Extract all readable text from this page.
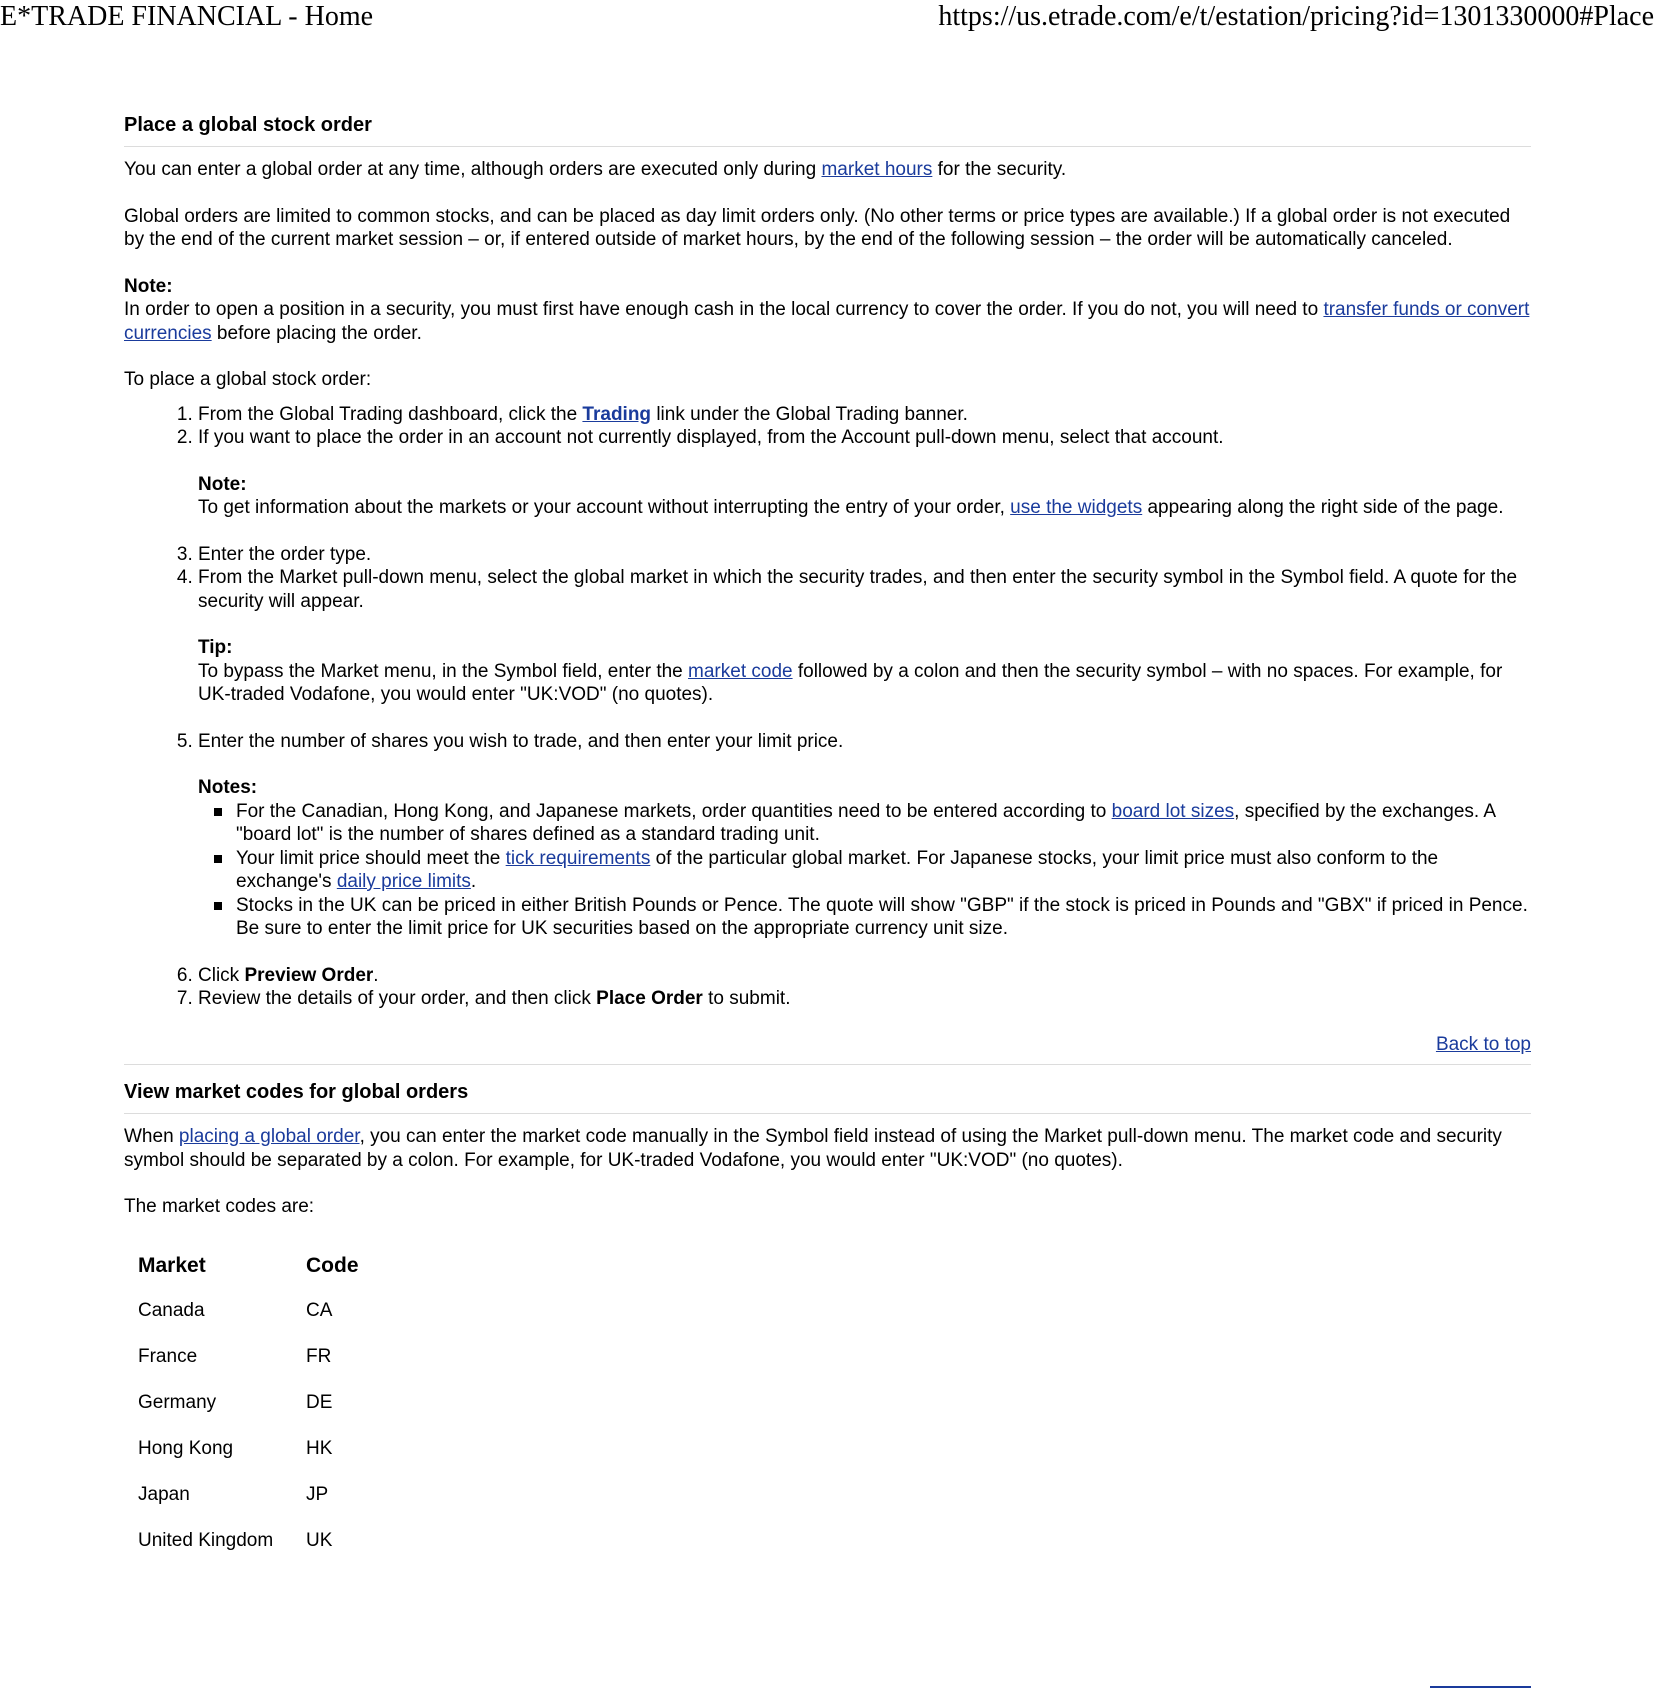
E*TRADE FINANCIAL - Home	https://us.etrade.com/e/t/estation/pricing?id=1301330000#Place
Place a global stock order

You can enter a global order at any time, although orders are executed only during market hours for the security.

Global orders are limited to common stocks, and can be placed as day limit orders only. (No other terms or price types are available.) If a global order is not executed by the end of the current market session – or, if entered outside of market hours, by the end of the following session – the order will be automatically canceled.

Note:

In order to open a position in a security, you must first have enough cash in the local currency to cover the order. If you do not, you will need to transfer funds or convert currencies before placing the order.

To place a global stock order:

1. From the Global Trading dashboard, click the Trading link under the Global Trading banner.
2. If you want to place the order in an account not currently displayed, from the Account pull-down menu, select that account.
Note:
To get information about the markets or your account without interrupting the entry of your order, use the widgets appearing along the right side of the page.
3. Enter the order type.
4. From the Market pull-down menu, select the global market in which the security trades, and then enter the security symbol in the Symbol field. A quote for the security will appear.
Tip:
To bypass the Market menu, in the Symbol field, enter the market code followed by a colon and then the security symbol – with no spaces. For example, for UK-traded Vodafone, you would enter "UK:VOD" (no quotes).
5. Enter the number of shares you wish to trade, and then enter your limit price.
Notes:
For the Canadian, Hong Kong, and Japanese markets, order quantities need to be entered according to board lot sizes, specified by the exchanges. A "board lot" is the number of shares defined as a standard trading unit.
Your limit price should meet the tick requirements of the particular global market. For Japanese stocks, your limit price must also conform to the exchange's daily price limits.
Stocks in the UK can be priced in either British Pounds or Pence. The quote will show "GBP" if the stock is priced in Pounds and "GBX" if priced in Pence. Be sure to enter the limit price for UK securities based on the appropriate currency unit size.
6. Click Preview Order.
7. Review the details of your order, and then click Place Order to submit.
Back to top
View market codes for global orders

When placing a global order, you can enter the market code manually in the Symbol field instead of using the Market pull-down menu. The market code and security symbol should be separated by a colon. For example, for UK-traded Vodafone, you would enter "UK:VOD" (no quotes).

The market codes are:

Market	Code
Canada	CA
France	FR
Germany	DE
Hong Kong	HK
Japan	JP
United Kingdom	UK
